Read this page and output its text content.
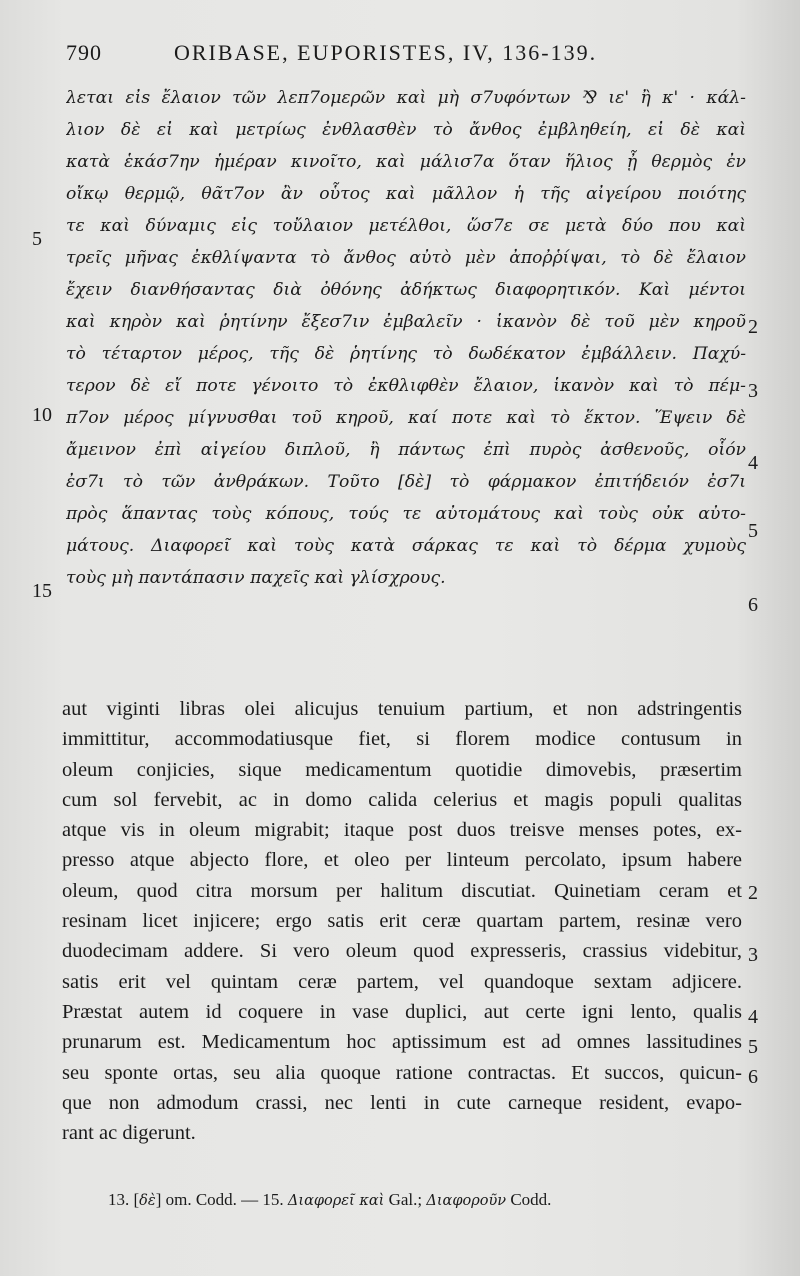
790	ORIBASE, EUPORISTES, IV, 136-139.
λεται εἰs ἔλαιον τῶν λεπ7ομερῶν καὶ μὴ σ7υφόντων ⅋ ιε' ἢ κ' · κάλ-
λιον δὲ εἰ καὶ μετρίως ἐνθλασθὲν τὸ ἄνθος ἐμβληθείη, εἰ δὲ καὶ
κατὰ ἑκάσ7ην ἡμέραν κινοῖτο, καὶ μάλισ7α ὅταν ἥλιος ᾖ θερμὸς ἐν
οἴκῳ θερμῷ, θᾶτ7ον ἂν οὗτος καὶ μᾶλλον ἡ τῆς αἰγείρου ποιότης
τε καὶ δύναμις εἰς τοὔλαιον μετέλθοι, ὥσ7ε σε μετὰ δύο που καὶ
τρεῖς μῆνας ἐκθλίψαντα τὸ ἄνθος αὐτὸ μὲν ἀποῤῥίψαι, τὸ δὲ ἔλαιον
ἔχειν διανθήσαντας διὰ ὀθόνης ἀδήκτως διαφορητικόν. Καὶ μέντοι
καὶ κηρὸν καὶ ῥητίνην ἔξεσ7ιν ἐμβαλεῖν · ἱκανὸν δὲ τοῦ μὲν κηροῦ
τὸ τέταρτον μέρος, τῆς δὲ ῥητίνης τὸ δωδέκατον ἐμβάλλειν. Παχύ-
τερον δὲ εἴ ποτε γένοιτο τὸ ἐκθλιφθὲν ἔλαιον, ἱκανὸν καὶ τὸ πέμ-
π7ον μέρος μίγνυσθαι τοῦ κηροῦ, καί ποτε καὶ τὸ ἕκτον. Ἕψειν δὲ
ἄμεινον ἐπὶ αἰγείου διπλοῦ, ἢ πάντως ἐπὶ πυρὸς ἀσθενοῦς, οἷόν
ἐσ7ι τὸ τῶν ἀνθράκων. Τοῦτο [δὲ] τὸ φάρμακον ἐπιτήδειόν ἐσ7ι
πρὸς ἅπαντας τοὺς κόπους, τούς τε αὐτομάτους καὶ τοὺς οὐκ αὐτο-
μάτους. Διαφορεῖ καὶ τοὺς κατὰ σάρκας τε καὶ τὸ δέρμα χυμοὺς
τοὺς μὴ παντάπασιν παχεῖς καὶ γλίσχρους.
5
10
15
2
3
4
5
6
aut viginti libras olei alicujus tenuium partium, et non adstringentis
immittitur, accommodatiusque fiet, si florem modice contusum in
oleum conjicies, sique medicamentum quotidie dimovebis, præsertim
cum sol fervebit, ac in domo calida celerius et magis populi qualitas
atque vis in oleum migrabit; itaque post duos treisve menses potes, ex-
presso atque abjecto flore, et oleo per linteum percolato, ipsum habere
oleum, quod citra morsum per halitum discutiat. Quinetiam ceram et
resinam licet injicere; ergo satis erit ceræ quartam partem, resinæ vero
duodecimam addere. Si vero oleum quod expresseris, crassius videbitur,
satis erit vel quintam ceræ partem, vel quandoque sextam adjicere.
Præstat autem id coquere in vase duplici, aut certe igni lento, qualis
prunarum est. Medicamentum hoc aptissimum est ad omnes lassitudines
seu sponte ortas, seu alia quoque ratione contractas. Et succos, quicun-
que non admodum crassi, nec lenti in cute carneque resident, evapo-
rant ac digerunt.
2
3
4
5
6
13. [δὲ] om. Codd. — 15. Διαφορεῖ καὶ Gal.; Διαφοροῦν Codd.
